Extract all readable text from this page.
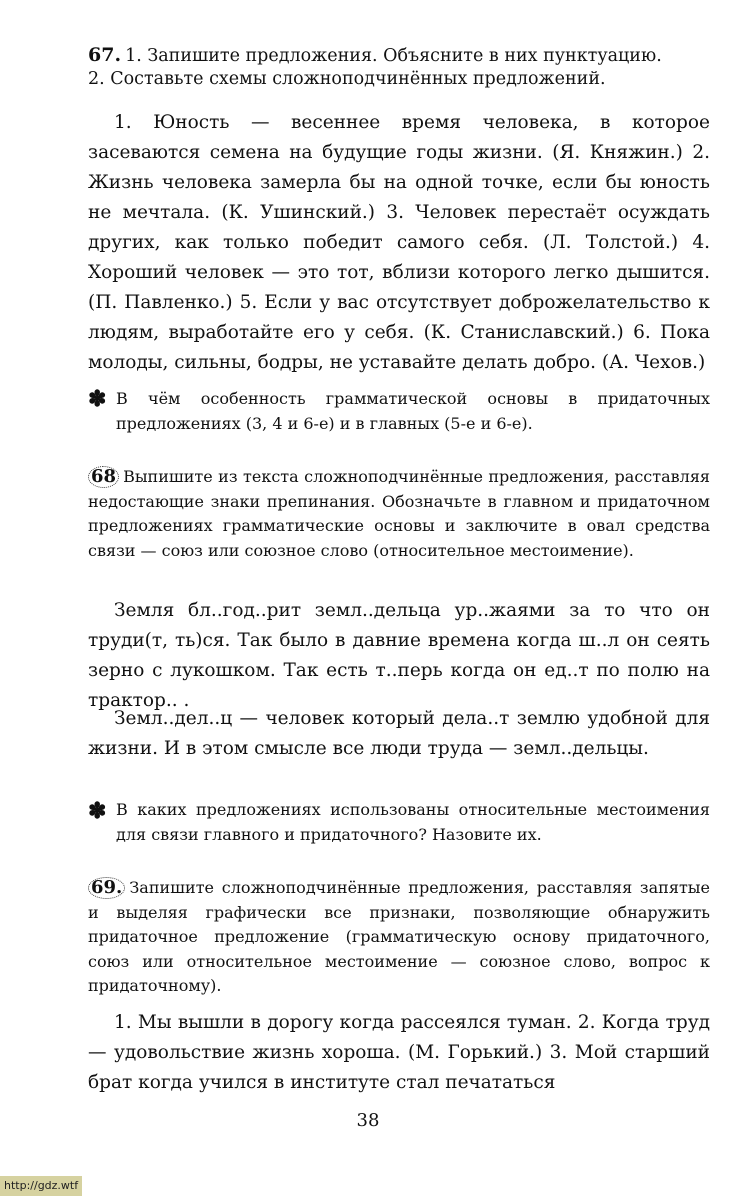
67. 1. Запишите предложения. Объясните в них пунктуацию.
2. Составьте схемы сложноподчинённых предложений.
1. Юность — весеннее время человека, в которое засеваются семена на будущие годы жизни. (Я. Княжин.) 2. Жизнь человека замерла бы на одной точке, если бы юность не мечтала. (К. Ушинский.) 3. Человек перестаёт осуждать других, как только победит самого себя. (Л. Толстой.) 4. Хороший человек — это тот, вблизи которого легко дышится. (П. Павленко.) 5. Если у вас отсутствует доброжелательство к людям, выработайте его у себя. (К. Станиславский.) 6. Пока молоды, сильны, бодры, не уставайте делать добро. (А. Чехов.)
✽ В чём особенность грамматической основы в придаточных предложениях (3, 4 и 6-е) и в главных (5-е и 6-е).
68 Выпишите из текста сложноподчинённые предложения, расставляя недостающие знаки препинания. Обозначьте в главном и придаточном предложениях грамматические основы и заключите в овал средства связи — союз или союзное слово (относительное местоимение).
Земля бл..год..рит земл..дельца ур..жаями за то что он труди(т, ть)ся. Так было в давние времена когда ш..л он сеять зерно с лукошком. Так есть т..перь когда он ед..т по полю на трактор.. .
Земл..дел..ц — человек который дела..т землю удобной для жизни. И в этом смысле все люди труда — земл..дельцы.
✽ В каких предложениях использованы относительные местоимения для связи главного и придаточного? Назовите их.
69. Запишите сложноподчинённые предложения, расставляя запятые и выделяя графически все признаки, позволяющие обнаружить придаточное предложение (грамматическую основу придаточного, союз или относительное местоимение — союзное слово, вопрос к придаточному).
1. Мы вышли в дорогу когда рассеялся туман. 2. Когда труд — удовольствие жизнь хороша. (М. Горький.) 3. Мой старший брат когда учился в институте стал печататься
38
http://gdz.wtf
